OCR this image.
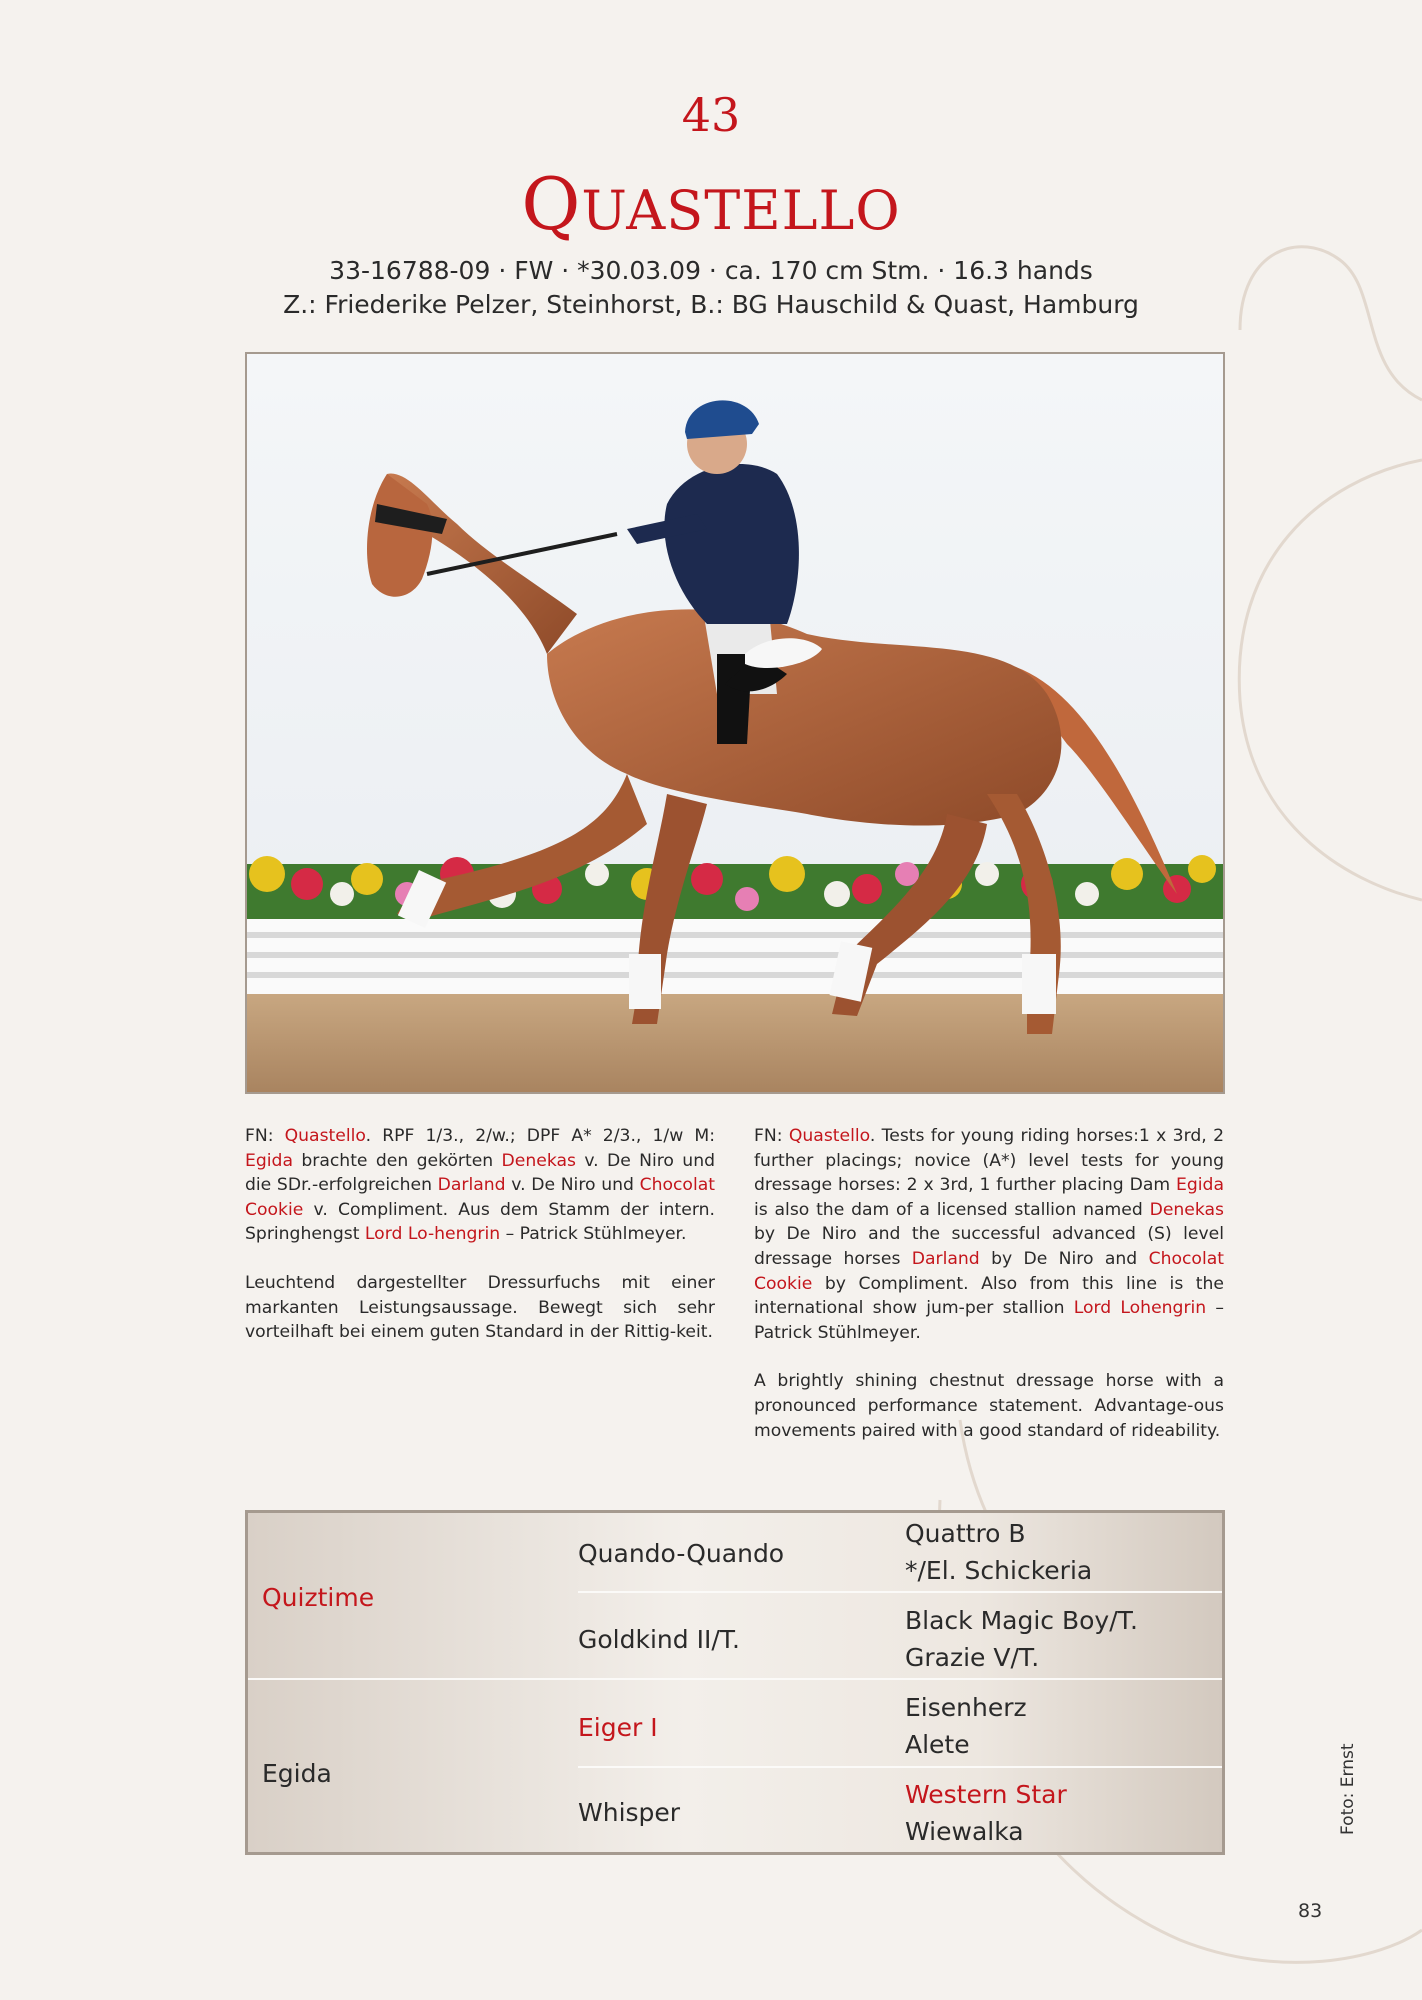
43
QUASTELLO
33-16788-09 · FW · *30.03.09 · ca. 170 cm Stm. · 16.3 hands
Z.: Friederike Pelzer, Steinhorst, B.: BG Hauschild & Quast, Hamburg

FN: Quastello. RPF 1/3., 2/w.; DPF A* 2/3., 1/w M: Egida brachte den gekörten Denekas v. De Niro und die SDr.-erfolgreichen Darland v. De Niro und Chocolat Cookie v. Compliment. Aus dem Stamm der intern. Springhengst Lord Lo-hengrin – Patrick Stühlmeyer.

Leuchtend dargestellter Dressurfuchs mit einer markanten Leistungsaussage. Bewegt sich sehr vorteilhaft bei einem guten Standard in der Rittig-keit.

FN: Quastello. Tests for young riding horses:1 x 3rd, 2 further placings; novice (A*) level tests for young dressage horses: 2 x 3rd, 1 further placing Dam Egida is also the dam of a licensed stallion named Denekas by De Niro and the successful advanced (S) level dressage horses Darland by De Niro and Chocolat Cookie by Compliment. Also from this line is the international show jum-per stallion Lord Lohengrin – Patrick Stühlmeyer.

A brightly shining chestnut dressage horse with a pronounced performance statement. Advantage-ous movements paired with a good standard of rideability.

Quiztime
Egida
Quando-Quando
Goldkind II/T.
Eiger I
Whisper
Quattro B
*/El. Schickeria
Black Magic Boy/T.
Grazie V/T.
Eisenherz
Alete
Western Star
Wiewalka	Foto: Ernst
83
